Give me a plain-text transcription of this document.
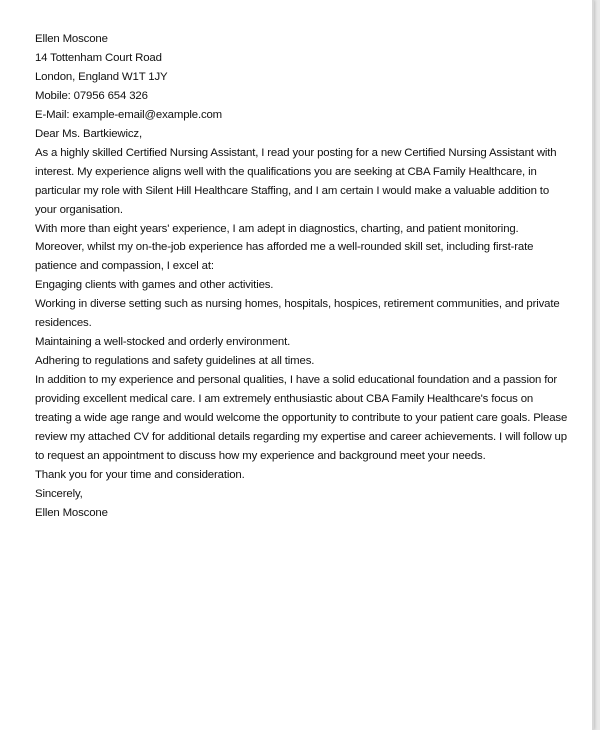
Ellen Moscone
14 Tottenham Court Road
London, England W1T 1JY
Mobile: 07956 654 326
E-Mail: example-email@example.com
Dear Ms. Bartkiewicz,
As a highly skilled Certified Nursing Assistant, I read your posting for a new Certified Nursing Assistant with
interest. My experience aligns well with the qualifications you are seeking at CBA Family Healthcare, in
particular my role with Silent Hill Healthcare Staffing, and I am certain I would make a valuable addition to
your organisation.
With more than eight years' experience, I am adept in diagnostics, charting, and patient monitoring.
Moreover, whilst my on-the-job experience has afforded me a well-rounded skill set, including first-rate
patience and compassion, I excel at:
Engaging clients with games and other activities.
Working in diverse setting such as nursing homes, hospitals, hospices, retirement communities, and private
residences.
Maintaining a well-stocked and orderly environment.
Adhering to regulations and safety guidelines at all times.
In addition to my experience and personal qualities, I have a solid educational foundation and a passion for
providing excellent medical care. I am extremely enthusiastic about CBA Family Healthcare's focus on
treating a wide age range and would welcome the opportunity to contribute to your patient care goals. Please
review my attached CV for additional details regarding my expertise and career achievements. I will follow up
to request an appointment to discuss how my experience and background meet your needs.
Thank you for your time and consideration.
Sincerely,
Ellen Moscone
